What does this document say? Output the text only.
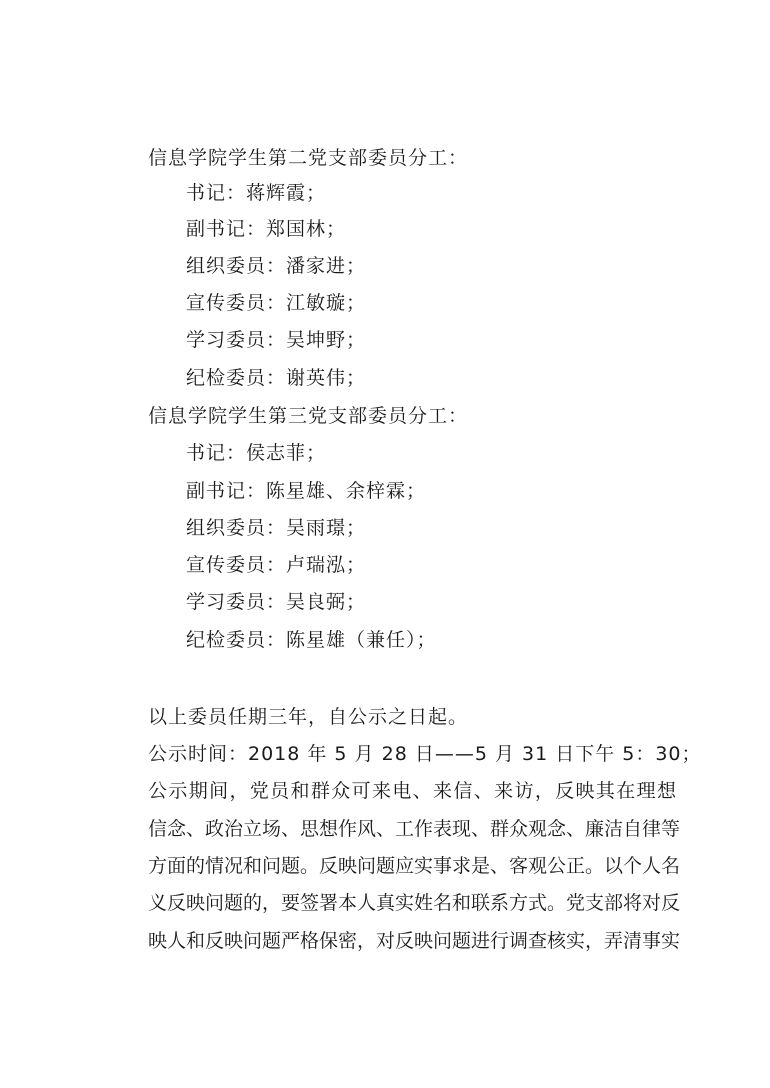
信息学院学生第二党支部委员分工：
书记：蒋辉霞；
副书记：郑国林；
组织委员：潘家进；
宣传委员：江敏璇；
学习委员：吴坤野；
纪检委员：谢英伟；
信息学院学生第三党支部委员分工：
书记：侯志菲；
副书记：陈星雄、余梓霖；
组织委员：吴雨璟；
宣传委员：卢瑞泓；
学习委员：吴良弼；
纪检委员：陈星雄（兼任）；
以上委员任期三年，自公示之日起。
公示时间：2018 年 5 月 28 日——5 月 31 日下午 5：30；
公示期间，党员和群众可来电、来信、来访，反映其在理想
信念、政治立场、思想作风、工作表现、群众观念、廉洁自律等
方面的情况和问题。反映问题应实事求是、客观公正。以个人名
义反映问题的，要签署本人真实姓名和联系方式。党支部将对反
映人和反映问题严格保密，对反映问题进行调查核实，弄清事实
